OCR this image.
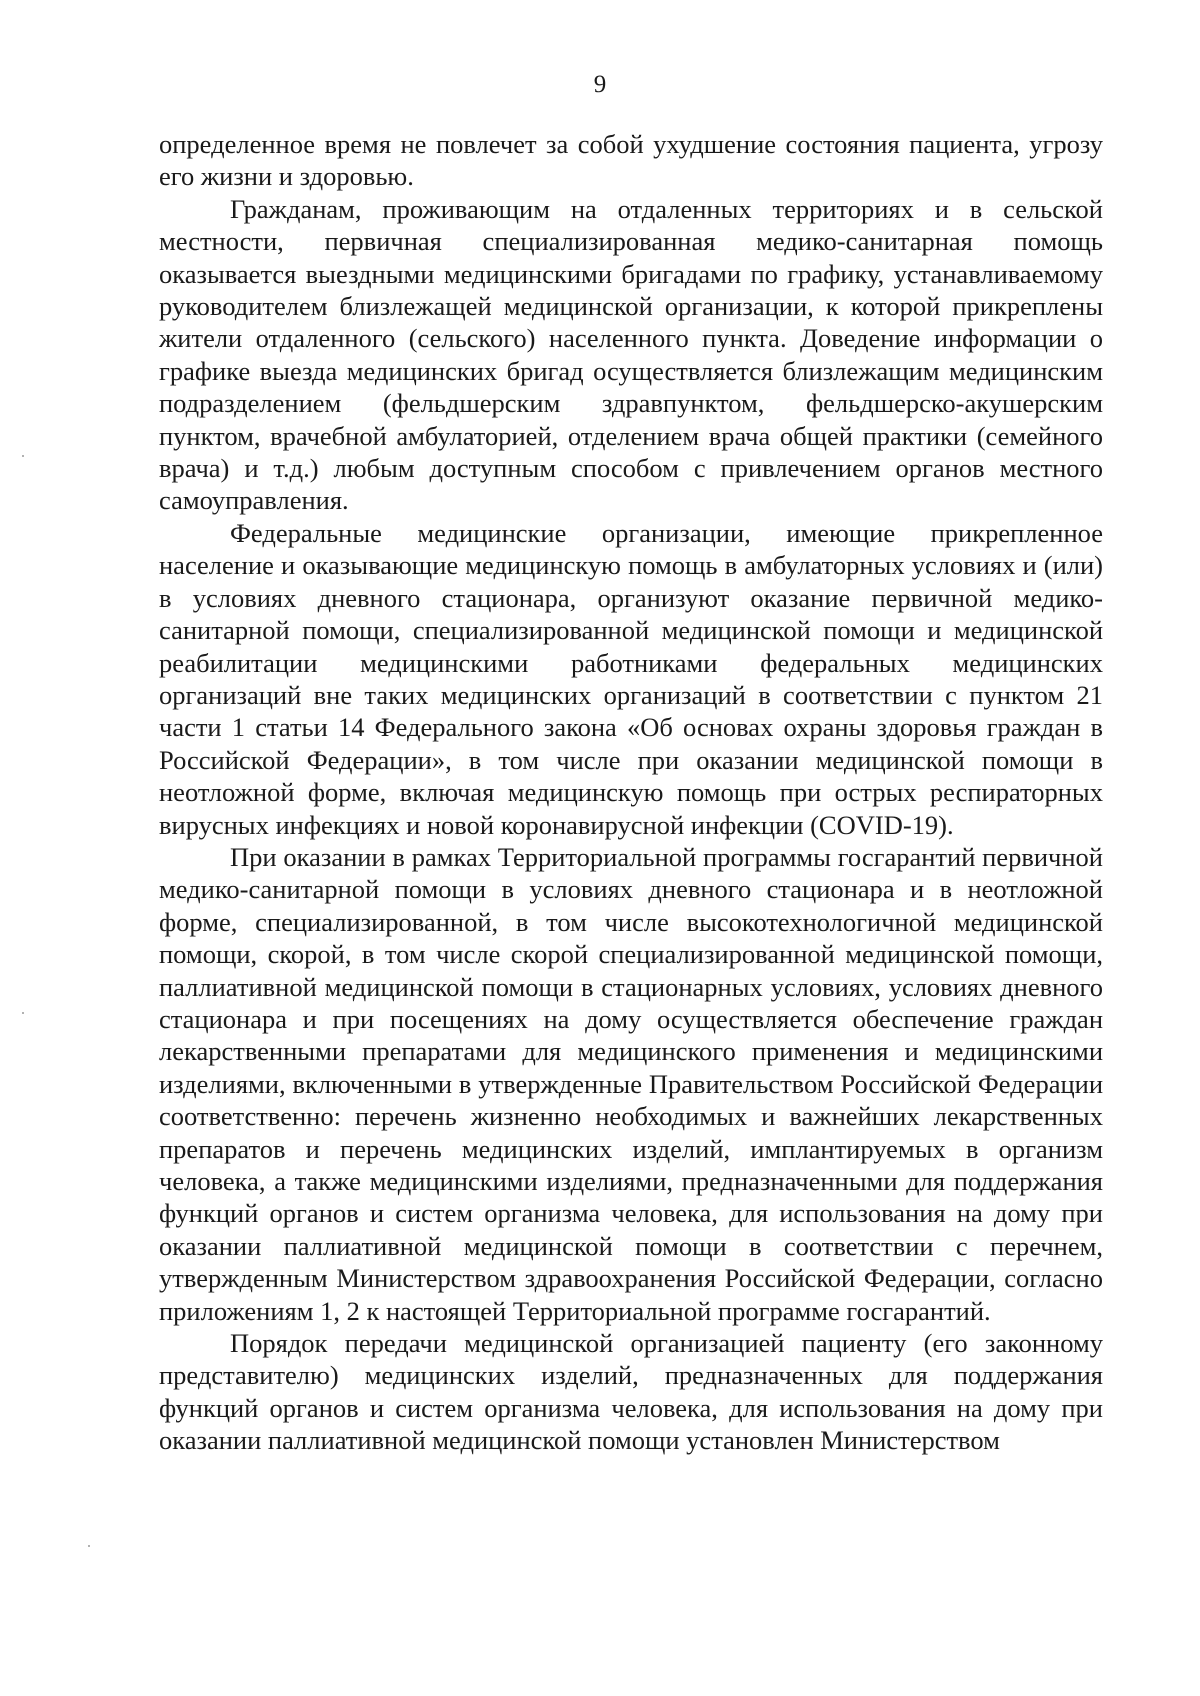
9

определенное время не повлечет за собой ухудшение состояния пациента, угрозу его жизни и здоровью.

Гражданам, проживающим на отдаленных территориях и в сельской местности, первичная специализированная медико-санитарная помощь оказывается выездными медицинскими бригадами по графику, устанавливаемому руководителем близлежащей медицинской организации, к которой прикреплены жители отдаленного (сельского) населенного пункта. Доведение информации о графике выезда медицинских бригад осуществляется близлежащим медицинским подразделением (фельдшерским здравпунктом, фельдшерско-акушерским пунктом, врачебной амбулаторией, отделением врача общей практики (семейного врача) и т.д.) любым доступным способом с привлечением органов местного самоуправления.

Федеральные медицинские организации, имеющие прикрепленное население и оказывающие медицинскую помощь в амбулаторных условиях и (или) в условиях дневного стационара, организуют оказание первичной медико-санитарной помощи, специализированной медицинской помощи и медицинской реабилитации медицинскими работниками федеральных медицинских организаций вне таких медицинских организаций в соответствии с пунктом 21 части 1 статьи 14 Федерального закона «Об основах охраны здоровья граждан в Российской Федерации», в том числе при оказании медицинской помощи в неотложной форме, включая медицинскую помощь при острых респираторных вирусных инфекциях и новой коронавирусной инфекции (COVID-19).

При оказании в рамках Территориальной программы госгарантий первичной медико-санитарной помощи в условиях дневного стационара и в неотложной форме, специализированной, в том числе высокотехнологичной медицинской помощи, скорой, в том числе скорой специализированной медицинской помощи, паллиативной медицинской помощи в стационарных условиях, условиях дневного стационара и при посещениях на дому осуществляется обеспечение граждан лекарственными препаратами для медицинского применения и медицинскими изделиями, включенными в утвержденные Правительством Российской Федерации соответственно: перечень жизненно необходимых и важнейших лекарственных препаратов и перечень медицинских изделий, имплантируемых в организм человека, а также медицинскими изделиями, предназначенными для поддержания функций органов и систем организма человека, для использования на дому при оказании паллиативной медицинской помощи в соответствии с перечнем, утвержденным Министерством здравоохранения Российской Федерации, согласно приложениям 1, 2 к настоящей Территориальной программе госгарантий.

Порядок передачи медицинской организацией пациенту (его законному представителю) медицинских изделий, предназначенных для поддержания функций органов и систем организма человека, для использования на дому при оказании паллиативной медицинской помощи установлен Министерством
